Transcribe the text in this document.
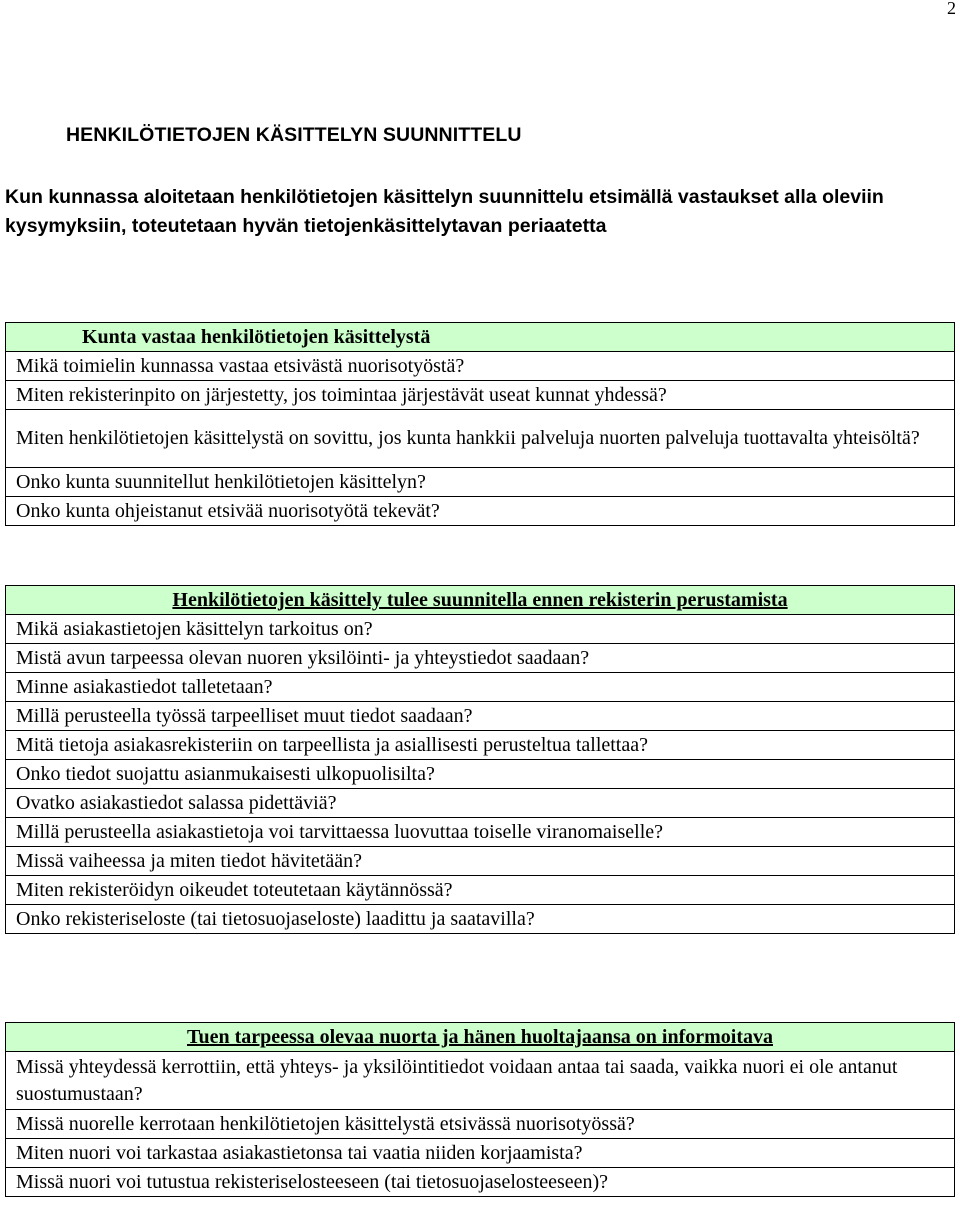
2
HENKILÖTIETOJEN KÄSITTELYN SUUNNITTELU

Kun kunnassa aloitetaan henkilötietojen käsittelyn suunnittelu etsimällä vastaukset alla oleviin kysymyksiin, toteutetaan hyvän tietojenkäsittelytavan periaatetta

Kunta vastaa henkilötietojen käsittelystä
Mikä toimielin kunnassa vastaa etsivästä nuorisotyöstä?
Miten rekisterinpito on järjestetty, jos toimintaa järjestävät useat kunnat yhdessä?
Miten henkilötietojen käsittelystä on sovittu, jos kunta hankkii palveluja nuorten palveluja tuottavalta yhteisöltä?
Onko kunta suunnitellut henkilötietojen käsittelyn?
Onko kunta ohjeistanut etsivää nuorisotyötä tekevät?
Henkilötietojen käsittely tulee suunnitella ennen rekisterin perustamista
Mikä asiakastietojen käsittelyn tarkoitus on?
Mistä avun tarpeessa olevan nuoren yksilöinti- ja yhteystiedot saadaan?
Minne asiakastiedot talletetaan?
Millä perusteella työssä tarpeelliset muut tiedot saadaan?
Mitä tietoja asiakasrekisteriin on tarpeellista ja asiallisesti perusteltua tallettaa?
Onko tiedot suojattu asianmukaisesti ulkopuolisilta?
Ovatko asiakastiedot salassa pidettäviä?
Millä perusteella asiakastietoja voi tarvittaessa luovuttaa toiselle viranomaiselle?
Missä vaiheessa ja miten tiedot hävitetään?
Miten rekisteröidyn oikeudet toteutetaan käytännössä?
Onko rekisteriseloste (tai tietosuojaseloste) laadittu ja saatavilla?
Tuen tarpeessa olevaa nuorta ja hänen huoltajaansa on informoitava
Missä yhteydessä kerrottiin, että yhteys- ja yksilöintitiedot voidaan antaa tai saada, vaikka nuori ei ole antanut suostumustaan?
Missä nuorelle kerrotaan henkilötietojen käsittelystä etsivässä nuorisotyössä?
Miten nuori voi tarkastaa asiakastietonsa tai vaatia niiden korjaamista?
Missä nuori voi tutustua rekisteriselosteeseen (tai tietosuojaselosteeseen)?
